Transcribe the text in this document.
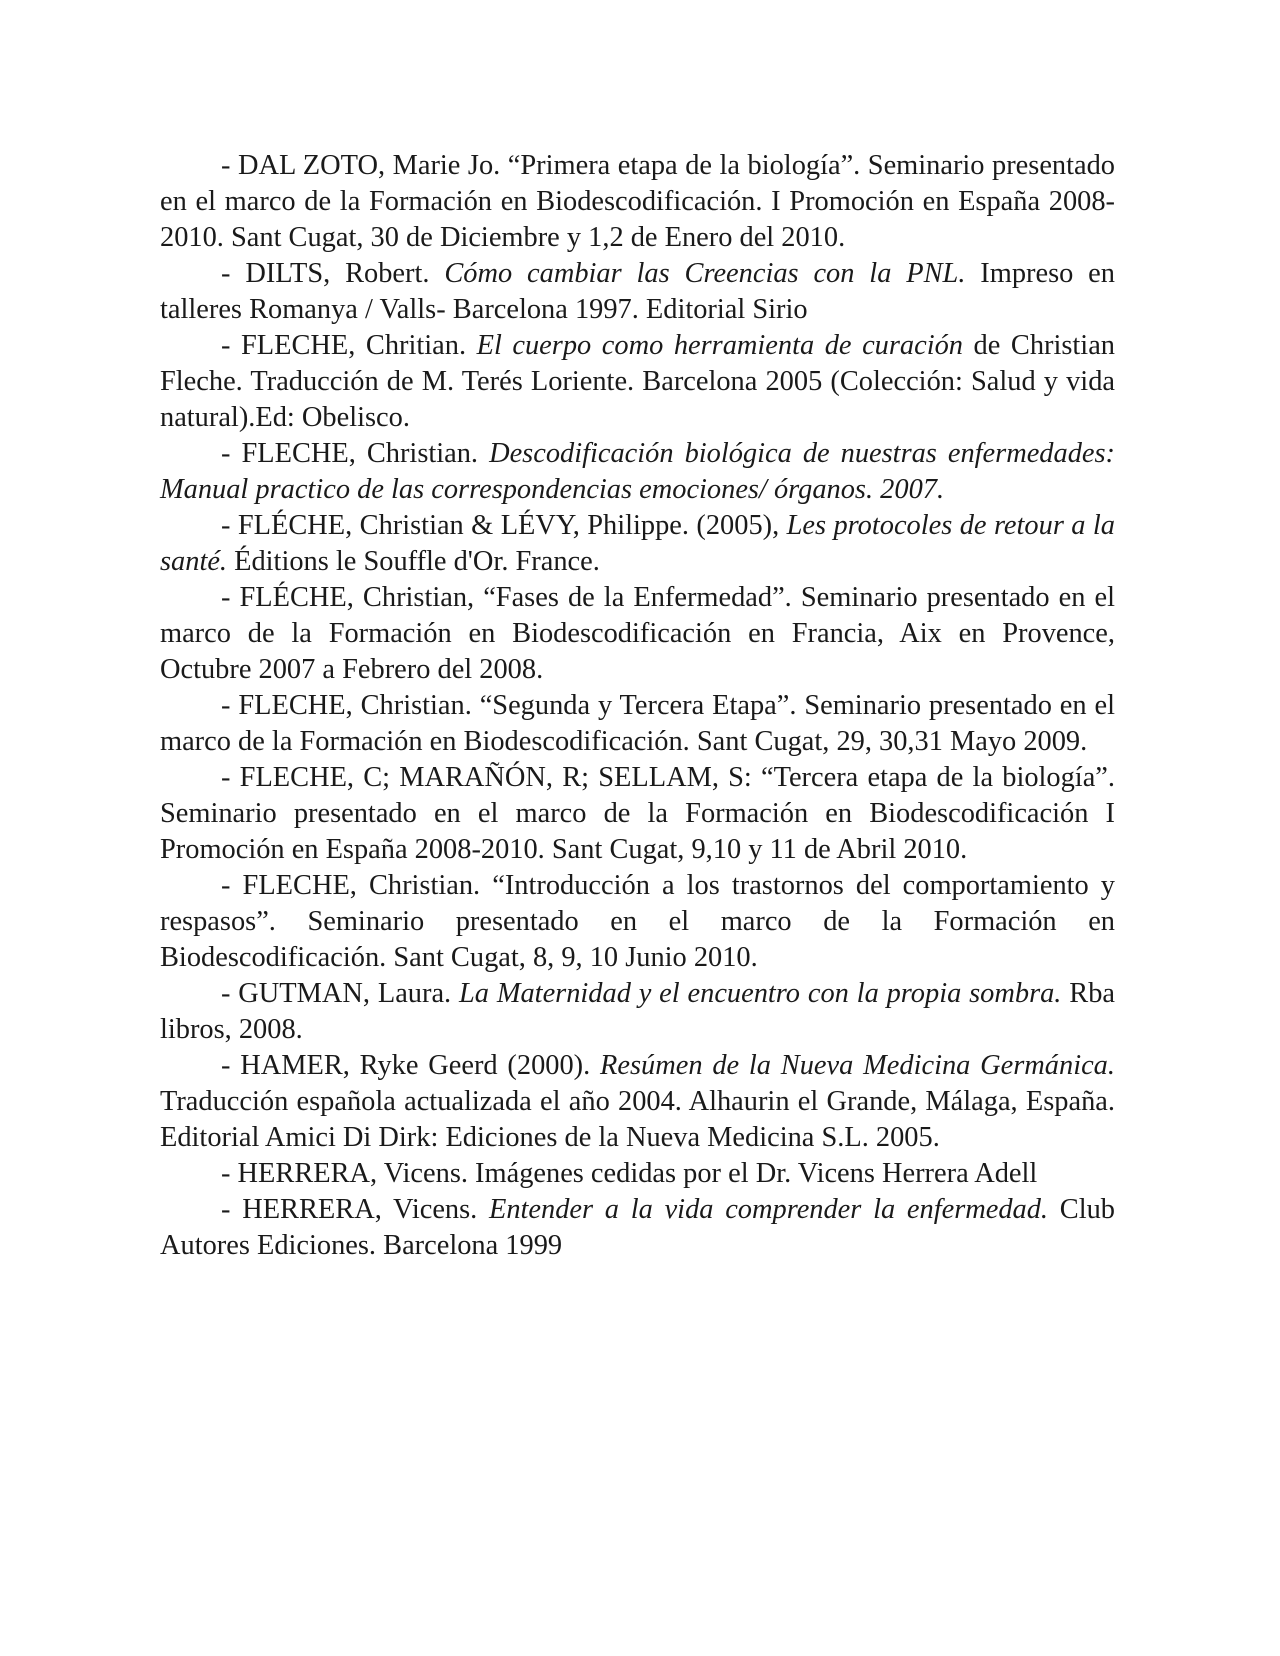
- DAL ZOTO, Marie Jo. “Primera etapa de la biología”. Seminario presentado en el marco de la Formación en Biodescodificación. I Promoción en España 2008-2010. Sant Cugat, 30 de Diciembre y 1,2 de Enero del 2010.

- DILTS, Robert. Cómo cambiar las Creencias con la PNL. Impreso en talleres Romanya / Valls- Barcelona 1997. Editorial Sirio

- FLECHE, Chritian. El cuerpo como herramienta de curación de Christian Fleche. Traducción de M. Terés Loriente. Barcelona 2005 (Colección: Salud y vida natural).Ed: Obelisco.

- FLECHE, Christian. Descodificación biológica de nuestras enfermedades: Manual practico de las correspondencias emociones/ órganos. 2007.

- FLÉCHE, Christian & LÉVY, Philippe. (2005), Les protocoles de retour a la santé. Éditions le Souffle d'Or. France.

- FLÉCHE, Christian, “Fases de la Enfermedad”. Seminario presentado en el marco de la Formación en Biodescodificación en Francia, Aix en Provence, Octubre 2007 a Febrero del 2008.

- FLECHE, Christian. “Segunda y Tercera Etapa”. Seminario presentado en el marco de la Formación en Biodescodificación. Sant Cugat, 29, 30,31 Mayo 2009.

- FLECHE, C; MARAÑÓN, R; SELLAM, S: “Tercera etapa de la biología”. Seminario presentado en el marco de la Formación en Biodescodificación I Promoción en España 2008-2010. Sant Cugat, 9,10 y 11 de Abril 2010.

- FLECHE, Christian. “Introducción a los trastornos del comportamiento y respasos”. Seminario presentado en el marco de la Formación en Biodescodificación. Sant Cugat, 8, 9, 10 Junio 2010.

- GUTMAN, Laura. La Maternidad y el encuentro con la propia sombra. Rba libros, 2008.

- HAMER, Ryke Geerd (2000). Resúmen de la Nueva Medicina Germánica. Traducción española actualizada el año 2004. Alhaurin el Grande, Málaga, España. Editorial Amici Di Dirk: Ediciones de la Nueva Medicina S.L. 2005.

- HERRERA, Vicens. Imágenes cedidas por el Dr. Vicens Herrera Adell

- HERRERA, Vicens. Entender a la vida comprender la enfermedad. Club Autores Ediciones. Barcelona 1999
